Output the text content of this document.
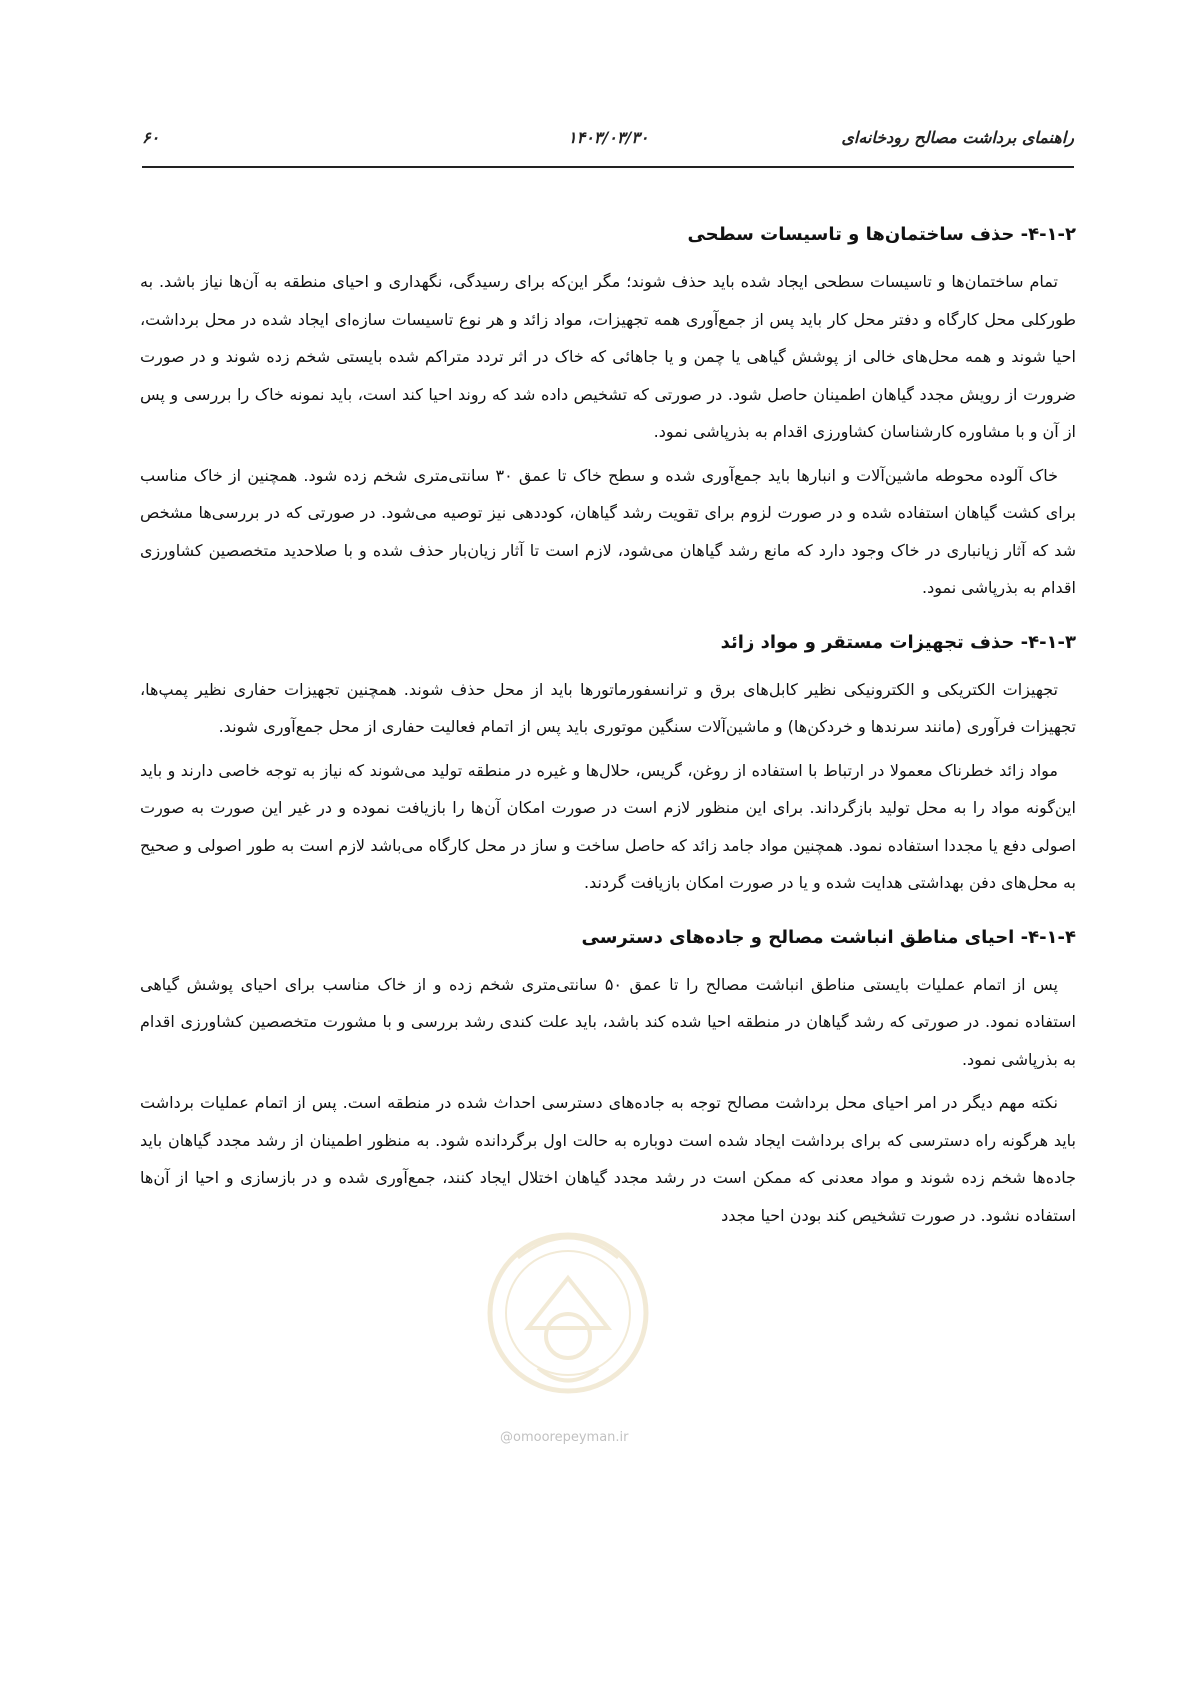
۶۰	۱۴۰۳/۰۳/۳۰	راهنمای برداشت مصالح رودخانه‌ای
۴-۱-۲- حذف ساختمان‌ها و تاسیسات سطحی

تمام ساختمان‌ها و تاسیسات سطحی ایجاد شده باید حذف شوند؛ مگر این‌که برای رسیدگی، نگهداری و احیای منطقه به آن‌ها نیاز باشد. به طورکلی محل کارگاه و دفتر محل کار باید پس از جمع‌آوری همه تجهیزات، مواد زائد و هر نوع تاسیسات سازه‌ای ایجاد شده در محل برداشت، احیا شوند و همه محل‌های خالی از پوشش گیاهی یا چمن و یا جاهائی که خاک در اثر تردد متراکم شده بایستی شخم زده شوند و در صورت ضرورت از رویش مجدد گیاهان اطمینان حاصل شود. در صورتی که تشخیص داده شد که روند احیا کند است، باید نمونه خاک را بررسی و پس از آن و با مشاوره کارشناسان کشاورزی اقدام به بذرپاشی نمود.

خاک آلوده محوطه ماشین‌آلات و انبارها باید جمع‌آوری شده و سطح خاک تا عمق ۳۰ سانتی‌متری شخم زده شود. همچنین از خاک مناسب برای کشت گیاهان استفاده شده و در صورت لزوم برای تقویت رشد گیاهان، کوددهی نیز توصیه می‌شود. در صورتی که در بررسی‌ها مشخص شد که آثار زیانباری در خاک وجود دارد که مانع رشد گیاهان می‌شود، لازم است تا آثار زیان‌بار حذف شده و با صلاحدید متخصصین کشاورزی اقدام به بذرپاشی نمود.

۴-۱-۳- حذف تجهیزات مستقر و مواد زائد

تجهیزات الکتریکی و الکترونیکی نظیر کابل‌های برق و ترانسفورماتورها باید از محل حذف شوند. همچنین تجهیزات حفاری نظیر پمپ‌ها، تجهیزات فرآوری (مانند سرندها و خردکن‌ها) و ماشین‌آلات سنگین موتوری باید پس از اتمام فعالیت حفاری از محل جمع‌آوری شوند.

مواد زائد خطرناک معمولا در ارتباط با استفاده از روغن، گریس، حلال‌ها و غیره در منطقه تولید می‌شوند که نیاز به توجه خاصی دارند و باید این‌گونه مواد را به محل تولید بازگرداند. برای این منظور لازم است در صورت امکان آن‌ها را بازیافت نموده و در غیر این صورت به صورت اصولی دفع یا مجددا استفاده نمود. همچنین مواد جامد زائد که حاصل ساخت و ساز در محل کارگاه می‌باشد لازم است به طور اصولی و صحیح به محل‌های دفن بهداشتی هدایت شده و یا در صورت امکان بازیافت گردند.

۴-۱-۴- احیای مناطق انباشت مصالح و جاده‌های دسترسی

پس از اتمام عملیات بایستی مناطق انباشت مصالح را تا عمق ۵۰ سانتی‌متری شخم زده و از خاک مناسب برای احیای پوشش گیاهی استفاده نمود. در صورتی که رشد گیاهان در منطقه احیا شده کند باشد، باید علت کندی رشد بررسی و با مشورت متخصصین کشاورزی اقدام به بذرپاشی نمود.

نکته مهم دیگر در امر احیای محل برداشت مصالح توجه به جاده‌های دسترسی احداث شده در منطقه است. پس از اتمام عملیات برداشت باید هرگونه راه دسترسی که برای برداشت ایجاد شده است دوباره به حالت اول برگردانده شود. به منظور اطمینان از رشد مجدد گیاهان باید جاده‌ها شخم زده شوند و مواد معدنی که ممکن است در رشد مجدد گیاهان اختلال ایجاد کنند، جمع‌آوری شده و در بازسازی و احیا از آن‌ها استفاده نشود. در صورت تشخیص کند بودن احیا مجدد

@omoorepeyman.ir
